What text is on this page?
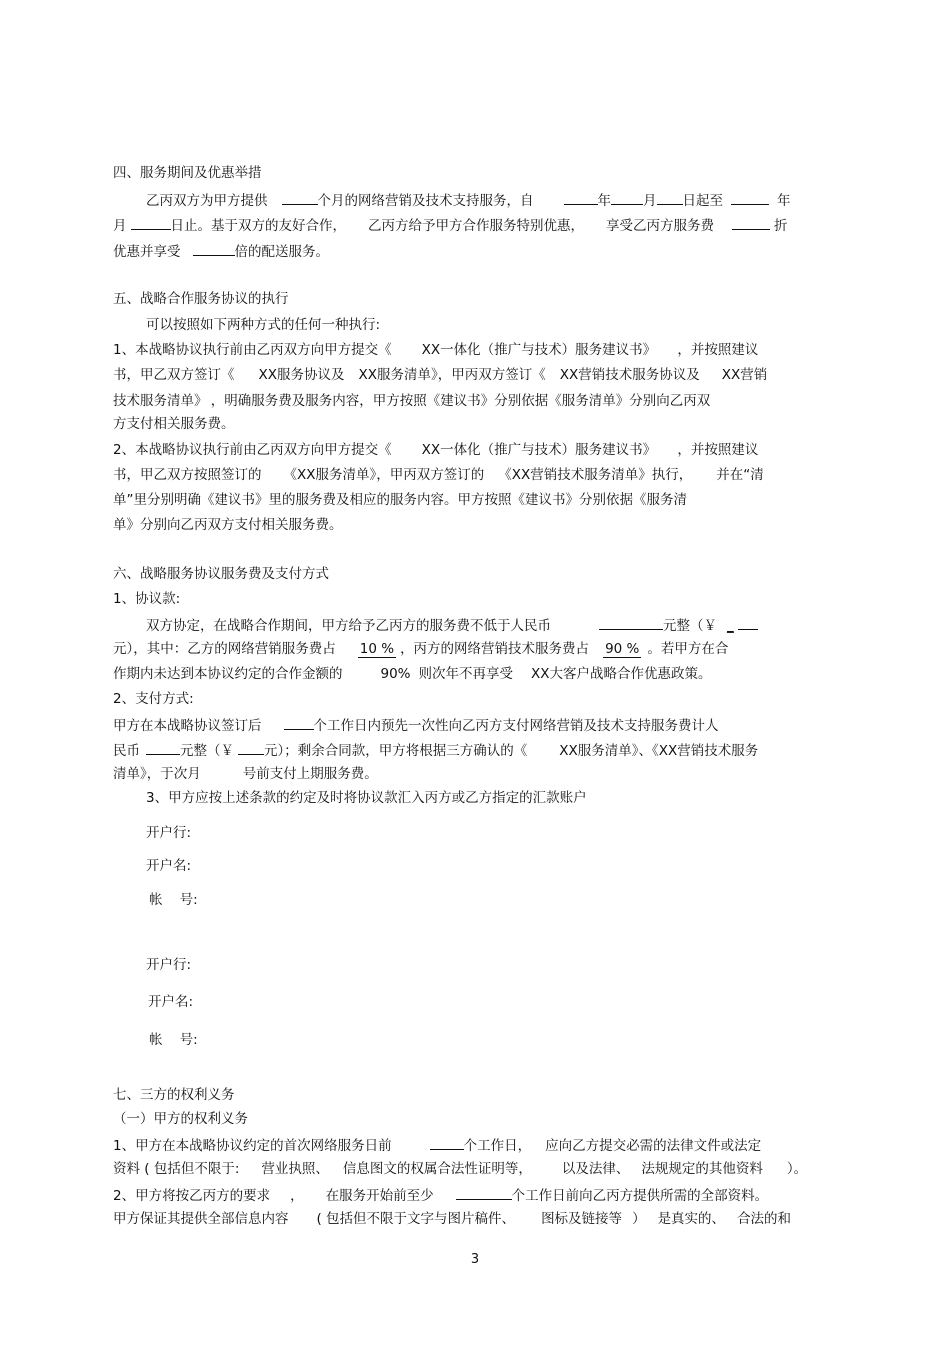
四、服务期间及优惠举措
乙丙双方为甲方提供	个月的网络营销及技术支持服务，自	年 月 日起至	年
月	日止。基于双方的友好合作， 乙丙方给予甲方合作服务特别优惠， 享受乙丙方服务费	折
优惠并享受	倍的配送服务。
五、战略合作服务协议的执行
可以按照如下两种方式的任何一种执行:
1、本战略协议执行前由乙丙双方向甲方提交《 XX一体化（推广与技术）服务建议书》 ，并按照建议
书，甲乙双方签订《 XX服务协议及 XX服务清单》，甲丙双方签订《 XX营销技术服务协议及 XX营销
技术服务清单》 ，明确服务费及服务内容，甲方按照《建议书》分别依据《服务清单》分别向乙丙双
方支付相关服务费。
2、本战略协议执行前由乙丙双方向甲方提交《 XX一体化（推广与技术）服务建议书》 ，并按照建议
书，甲乙双方按照签订的 《XX服务清单》，甲丙双方签订的 《XX营销技术服务清单》执行， 并在“清
单”里分别明确《建议书》里的服务费及相应的服务内容。甲方按照《建议书》分别依据《服务清
单》分别向乙丙双方支付相关服务费。
六、战略服务协议服务费及支付方式
1、协议款:
双方协定，在战略合作期间，甲方给予乙丙方的服务费不低于人民币	元整（￥ _
元），其中：乙方的网络营销服务费占 10 % ，丙方的网络营销技术服务费占 90 % 。若甲方在合
作期内未达到本协议约定的合作金额的	90% 则次年不再享受 XX大客户战略合作优惠政策。
2、支付方式:
甲方在本战略协议签订后	个工作日内预先一次性向乙丙方支付网络营销及技术支持服务费计人
民币	元整（￥ 元）；剩余合同款，甲方将根据三方确认的《 XX服务清单》、《XX营销技术服务
清单》，于次月	号前支付上期服务费。
3、甲方应按上述条款的约定及时将协议款汇入丙方或乙方指定的汇款账户
开户行:
开户名:
帐    号:
开户行:
开户名:
帐    号:
七、三方的权利义务
（一）甲方的权利义务
1、甲方在本战略协议约定的首次网络服务日前	个工作日， 应向乙方提交必需的法律文件或法定
资料 ( 包括但不限于: 营业执照、 信息图文的权属合法性证明等， 以及法律、 法规规定的其他资料 ）。
2、甲方将按乙丙方的要求 ， 在服务开始前至少	个工作日前向乙丙方提供所需的全部资料。
甲方保证其提供全部信息内容 ( 包括但不限于文字与图片稿件、 图标及链接等 ） 是真实的、 合法的和
3
